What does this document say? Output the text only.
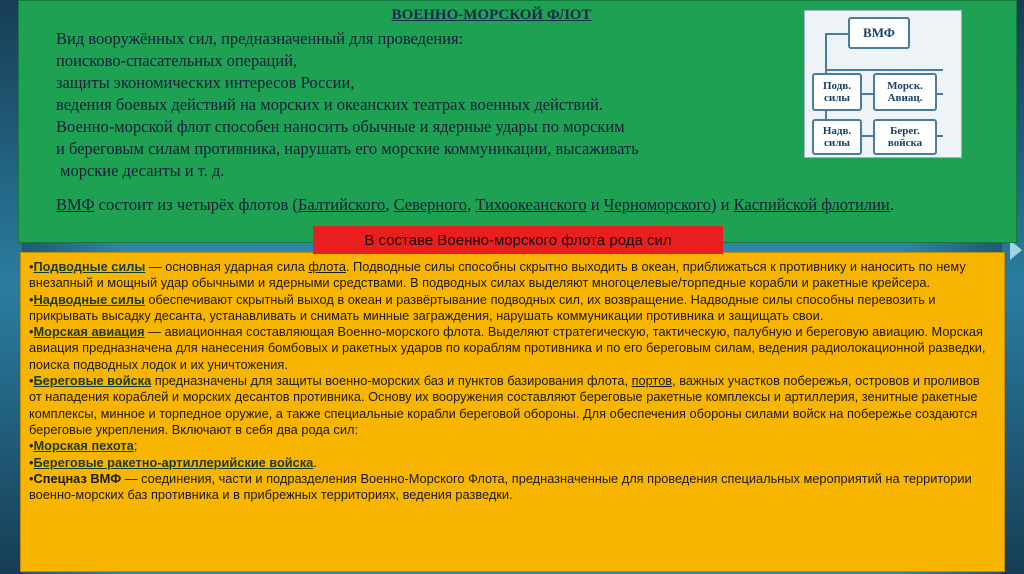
ВОЕННО-МОРСКОЙ ФЛОТ
Вид вооружённых сил, предназначенный для проведения:
поисково-спасательных операций,
защиты экономических интересов России,
ведения боевых действий на морских и океанских театрах военных действий.
Военно-морской флот способен наносить обычные и ядерные удары по морским
и береговым силам противника, нарушать его морские коммуникации, высаживать
морские десанты и т. д.
ВМФ состоит из четырёх флотов (Балтийского, Северного, Тихоокеанского и Черноморского) и Каспийской флотилии.
ВМФ
Подв. силы
Морск. Авиац.
Надв. силы
Берег. войска

•Подводные силы — основная ударная сила флота. Подводные силы способны скрытно выходить в океан, приближаться к противнику и наносить по нему внезапный и мощный удар обычными и ядерными средствами. В подводных силах выделяют многоцелевые/торпедные корабли и ракетные крейсера.

•Надводные силы обеспечивают скрытный выход в океан и развёртывание подводных сил, их возвращение. Надводные силы способны перевозить и прикрывать высадку десанта, устанавливать и снимать минные заграждения, нарушать коммуникации противника и защищать свои.

•Морская авиация — авиационная составляющая Военно-морского флота. Выделяют стратегическую, тактическую, палубную и береговую авиацию. Морская авиация предназначена для нанесения бомбовых и ракетных ударов по кораблям противника и по его береговым силам, ведения радиолокационной разведки, поиска подводных лодок и их уничтожения.

•Береговые войска предназначены для защиты военно-морских баз и пунктов базирования флота, портов, важных участков побережья, островов и проливов от нападения кораблей и морских десантов противника. Основу их вооружения составляют береговые ракетные комплексы и артиллерия, зенитные ракетные комплексы, минное и торпедное оружие, а также специальные корабли береговой обороны. Для обеспечения обороны силами войск на побережье создаются береговые укрепления. Включают в себя два рода сил:

•Морская пехота;

•Береговые ракетно-артиллерийские войска.

•Спецназ ВМФ — соединения, части и подразделения Военно-Морского Флота, предназначенные для проведения специальных мероприятий на территории военно-морских баз противника и в прибрежных территориях, ведения разведки.

В составе Военно-морского флота рода сил
